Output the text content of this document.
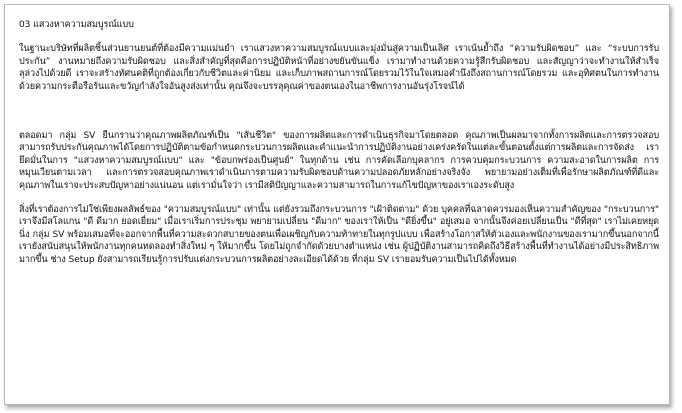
03 แสวงหาความสมบูรณ์แบบ

ในฐานะบริษัทที่ผลิตชิ้นส่วนยานยนต์ที่ต้องมีความแม่นยำ เราแสวงหาความสมบูรณ์แบบและมุ่งมั่นสู่ความเป็นเลิศ เราเน้นย้ำถึง “ความรับผิดชอบ” และ “ระบบการรับประกัน” งานหมายถึงความรับผิดชอบ และสิ่งสำคัญที่สุดคือการปฏิบัติหน้าที่อย่างขยันขันแข็ง เรามาทำงานด้วยความรู้สึกรับผิดชอบ และสัญญาว่าจะทำงานให้สำเร็จลุล่วงไปด้วยดี เราจะสร้างทัศนคติที่ถูกต้องเกี่ยวกับชีวิตและค่านิยม และเก็บภาพสถานการณ์โดยรวมไว้ในใจเสมอคำนึงถึงสถานการณ์โดยรวม และอุทิศตนในการทำงานด้วยความกระตือรือร้นและขวัญกำลังใจอันสูงส่งเท่านั้น คุณจึงจะบรรลุคุณค่าของตนเองในอาชีพการงานอันรุ่งโรจน์ได้

ตลอดมา กลุ่ม SV ยืนกรานว่าคุณภาพผลิตภัณฑ์เป็น "เส้นชีวิต" ของการผลิตและการดำเนินธุรกิจมาโดยตลอด คุณภาพเป็นผลมาจากทั้งการผลิตและการตรวจสอบ สามารถรับประกันคุณภาพได้โดยการปฏิบัติตามข้อกำหนดกระบวนการผลิตและคำแนะนำการปฏิบัติงานอย่างเคร่งครัดในแต่ละขั้นตอนตั้งแต่การผลิตและการจัดส่ง เรายึดมั่นในการ "แสวงหาความสมบูรณ์แบบ" และ "ข้อบกพร่องเป็นศูนย์" ในทุกด้าน เช่น การคัดเลือกบุคลากร การควบคุมกระบวนการ ความสะอาดในการผลิต การหมุนเวียนตามเวลา และการตรวจสอบคุณภาพเราดำเนินการตามความรับผิดชอบด้านความปลอดภัยหลักอย่างจริงจัง พยายามอย่างเต็มที่เพื่อรักษาผลิตภัณฑ์ที่ดีและคุณภาพในเราจะประสบปัญหาอย่างแน่นอน แต่เรามั่นใจว่า เรามีสติปัญญาและความสามารถในการแก้ไขปัญหาของเราเองระดับสูง

สิ่งที่เราต้องการไม่ใช่เพียงผลลัพธ์ของ "ความสมบูรณ์แบบ" เท่านั้น แต่ยังรวมถึงกระบวนการ "เฝ้าติดตาม" ด้วย บุคคลที่ฉลาดควรมองเห็นความสำคัญของ "กระบวนการ" เราจึงมีสโลแกน "ดี ดีมาก ยอดเยี่ยม" เมื่อเราเริ่มการประชุม พยายามเปลี่ยน "ดีมาก" ของเราให้เป็น "ดียิ่งขึ้น" อยู่เสมอ จากนั้นจึงค่อยเปลี่ยนเป็น "ดีที่สุด" เราไม่เคยหยุดนิ่ง กลุ่ม SV พร้อมเสมอที่จะออกจากพื้นที่ความสะดวกสบายของตนเพื่อเผชิญกับความท้าทายในทุกรูปแบบ เพื่อสร้างโอกาสให้ตัวเองและพนักงานของเรามากขึ้นนอกจากนี้เรายังสนับสนุนให้พนักงานทุกคนทดลองทำสิ่งใหม่ ๆ ให้มากขึ้น โดยไม่ถูกจำกัดด้วยบางตำแหน่ง เช่น ผู้ปฏิบัติงานสามารถคิดถึงวิธีสร้างพื้นที่ทำงานได้อย่างมีประสิทธิภาพมากขึ้น ช่าง Setup ยังสามารถเรียนรู้การปรับแต่งกระบวนการผลิตอย่างละเอียดได้ด้วย ที่กลุ่ม SV เรายอมรับความเป็นไปได้ทั้งหมด
